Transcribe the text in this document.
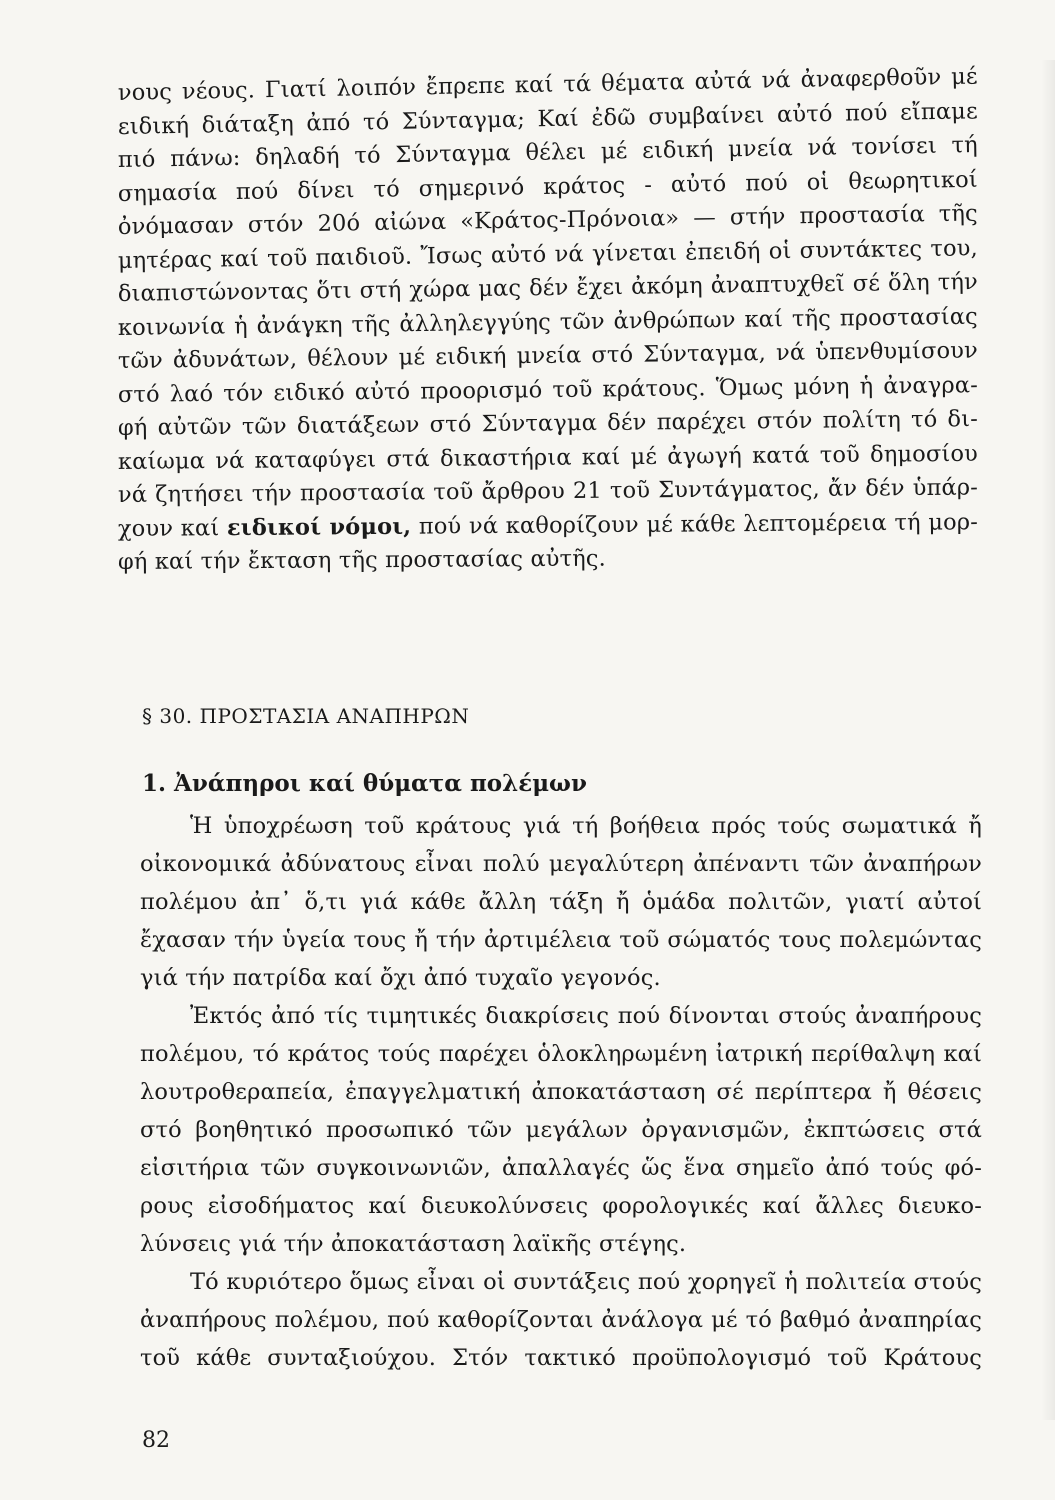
νους νέους. Γιατί λοιπόν ἔπρεπε καί τά θέματα αὐτά νά ἀναφερθοῦν μέ
ειδική διάταξη ἀπό τό Σύνταγμα; Καί ἐδῶ συμβαίνει αὐτό πού εἴπαμε
πιό πάνω: δηλαδή τό Σύνταγμα θέλει μέ ειδική μνεία νά τονίσει τή
σημασία πού δίνει τό σημερινό κράτος - αὐτό πού οἱ θεωρητικοί
ὀνόμασαν στόν 20ό αἰώνα «Κράτος-Πρόνοια» — στήν προστασία τῆς
μητέρας καί τοῦ παιδιοῦ. Ἴσως αὐτό νά γίνεται ἐπειδή οἱ συντάκτες του,
διαπιστώνοντας ὅτι στή χώρα μας δέν ἔχει ἀκόμη ἀναπτυχθεῖ σέ ὅλη τήν
κοινωνία ἡ ἀνάγκη τῆς ἀλληλεγγύης τῶν ἀνθρώπων καί τῆς προστασίας
τῶν ἀδυνάτων, θέλουν μέ ειδική μνεία στό Σύνταγμα, νά ὑπενθυμίσουν
στό λαό τόν ειδικό αὐτό προορισμό τοῦ κράτους. Ὅμως μόνη ἡ ἀναγρα-
φή αὐτῶν τῶν διατάξεων στό Σύνταγμα δέν παρέχει στόν πολίτη τό δι-
καίωμα νά καταφύγει στά δικαστήρια καί μέ ἀγωγή κατά τοῦ δημοσίου
νά ζητήσει τήν προστασία τοῦ ἄρθρου 21 τοῦ Συντάγματος, ἄν δέν ὑπάρ-
χουν καί ειδικοί νόμοι, πού νά καθορίζουν μέ κάθε λεπτομέρεια τή μορ-
φή καί τήν ἔκταση τῆς προστασίας αὐτῆς.
§ 30. ΠΡΟΣΤΑΣΙΑ ΑΝΑΠΗΡΩΝ
1. Ἀνάπηροι καί θύματα πολέμων
Ἡ ὑποχρέωση τοῦ κράτους γιά τή βοήθεια πρός τούς σωματικά ἤ
οἰκονομικά ἀδύνατους εἶναι πολύ μεγαλύτερη ἀπέναντι τῶν ἀναπήρων
πολέμου ἀπ᾽ ὅ,τι γιά κάθε ἄλλη τάξη ἤ ὁμάδα πολιτῶν, γιατί αὐτοί
ἔχασαν τήν ὑγεία τους ἤ τήν ἀρτιμέλεια τοῦ σώματός τους πολεμώντας
γιά τήν πατρίδα καί ὄχι ἀπό τυχαῖο γεγονός.
Ἐκτός ἀπό τίς τιμητικές διακρίσεις πού δίνονται στούς ἀναπήρους
πολέμου, τό κράτος τούς παρέχει ὁλοκληρωμένη ἰατρική περίθαλψη καί
λουτροθεραπεία, ἐπαγγελματική ἀποκατάσταση σέ περίπτερα ἤ θέσεις
στό βοηθητικό προσωπικό τῶν μεγάλων ὀργανισμῶν, ἐκπτώσεις στά
εἰσιτήρια τῶν συγκοινωνιῶν, ἀπαλλαγές ὥς ἕνα σημεῖο ἀπό τούς φό-
ρους εἰσοδήματος καί διευκολύνσεις φορολογικές καί ἄλλες διευκο-
λύνσεις γιά τήν ἀποκατάσταση λαϊκῆς στέγης.
Τό κυριότερο ὅμως εἶναι οἱ συντάξεις πού χορηγεῖ ἡ πολιτεία στούς
ἀναπήρους πολέμου, πού καθορίζονται ἀνάλογα μέ τό βαθμό ἀναπηρίας
τοῦ κάθε συνταξιούχου. Στόν τακτικό προϋπολογισμό τοῦ Κράτους
82
